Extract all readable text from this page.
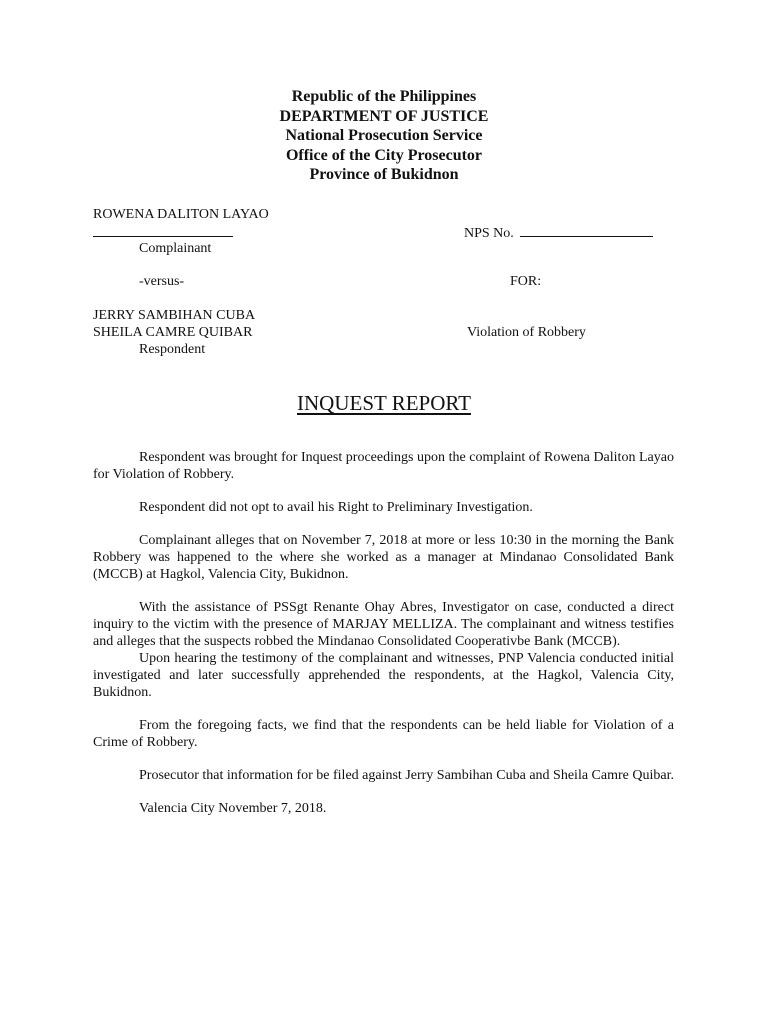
Republic of the Philippines
DEPARTMENT OF JUSTICE
National Prosecution Service
Office of the City Prosecutor
Province of Bukidnon
ROWENA DALITON LAYAO
NPS No.
Complainant
-versus-	FOR:
JERRY SAMBIHAN CUBA
SHEILA CAMRE QUIBAR	Violation of Robbery
Respondent
INQUEST REPORT

Respondent was brought for Inquest proceedings upon the complaint of Rowena Daliton Layao for Violation of Robbery.

Respondent did not opt to avail his Right to Preliminary Investigation.

Complainant alleges that on November 7, 2018 at more or less 10:30 in the morning the Bank Robbery was happened to the where she worked as a manager at Mindanao Consolidated Bank (MCCB) at Hagkol, Valencia City, Bukidnon.

With the assistance of PSSgt Renante Ohay Abres, Investigator on case, conducted a direct inquiry to the victim with the presence of MARJAY MELLIZA. The complainant and witness testifies and alleges that the suspects robbed the Mindanao Consolidated Cooperativbe Bank (MCCB).

Upon hearing the testimony of the complainant and witnesses, PNP Valencia conducted initial investigated and later successfully apprehended the respondents, at the Hagkol, Valencia City, Bukidnon.

From the foregoing facts, we find that the respondents can be held liable for Violation of a Crime of Robbery.

Prosecutor that information for be filed against Jerry Sambihan Cuba and Sheila Camre Quibar.

Valencia City November 7, 2018.
